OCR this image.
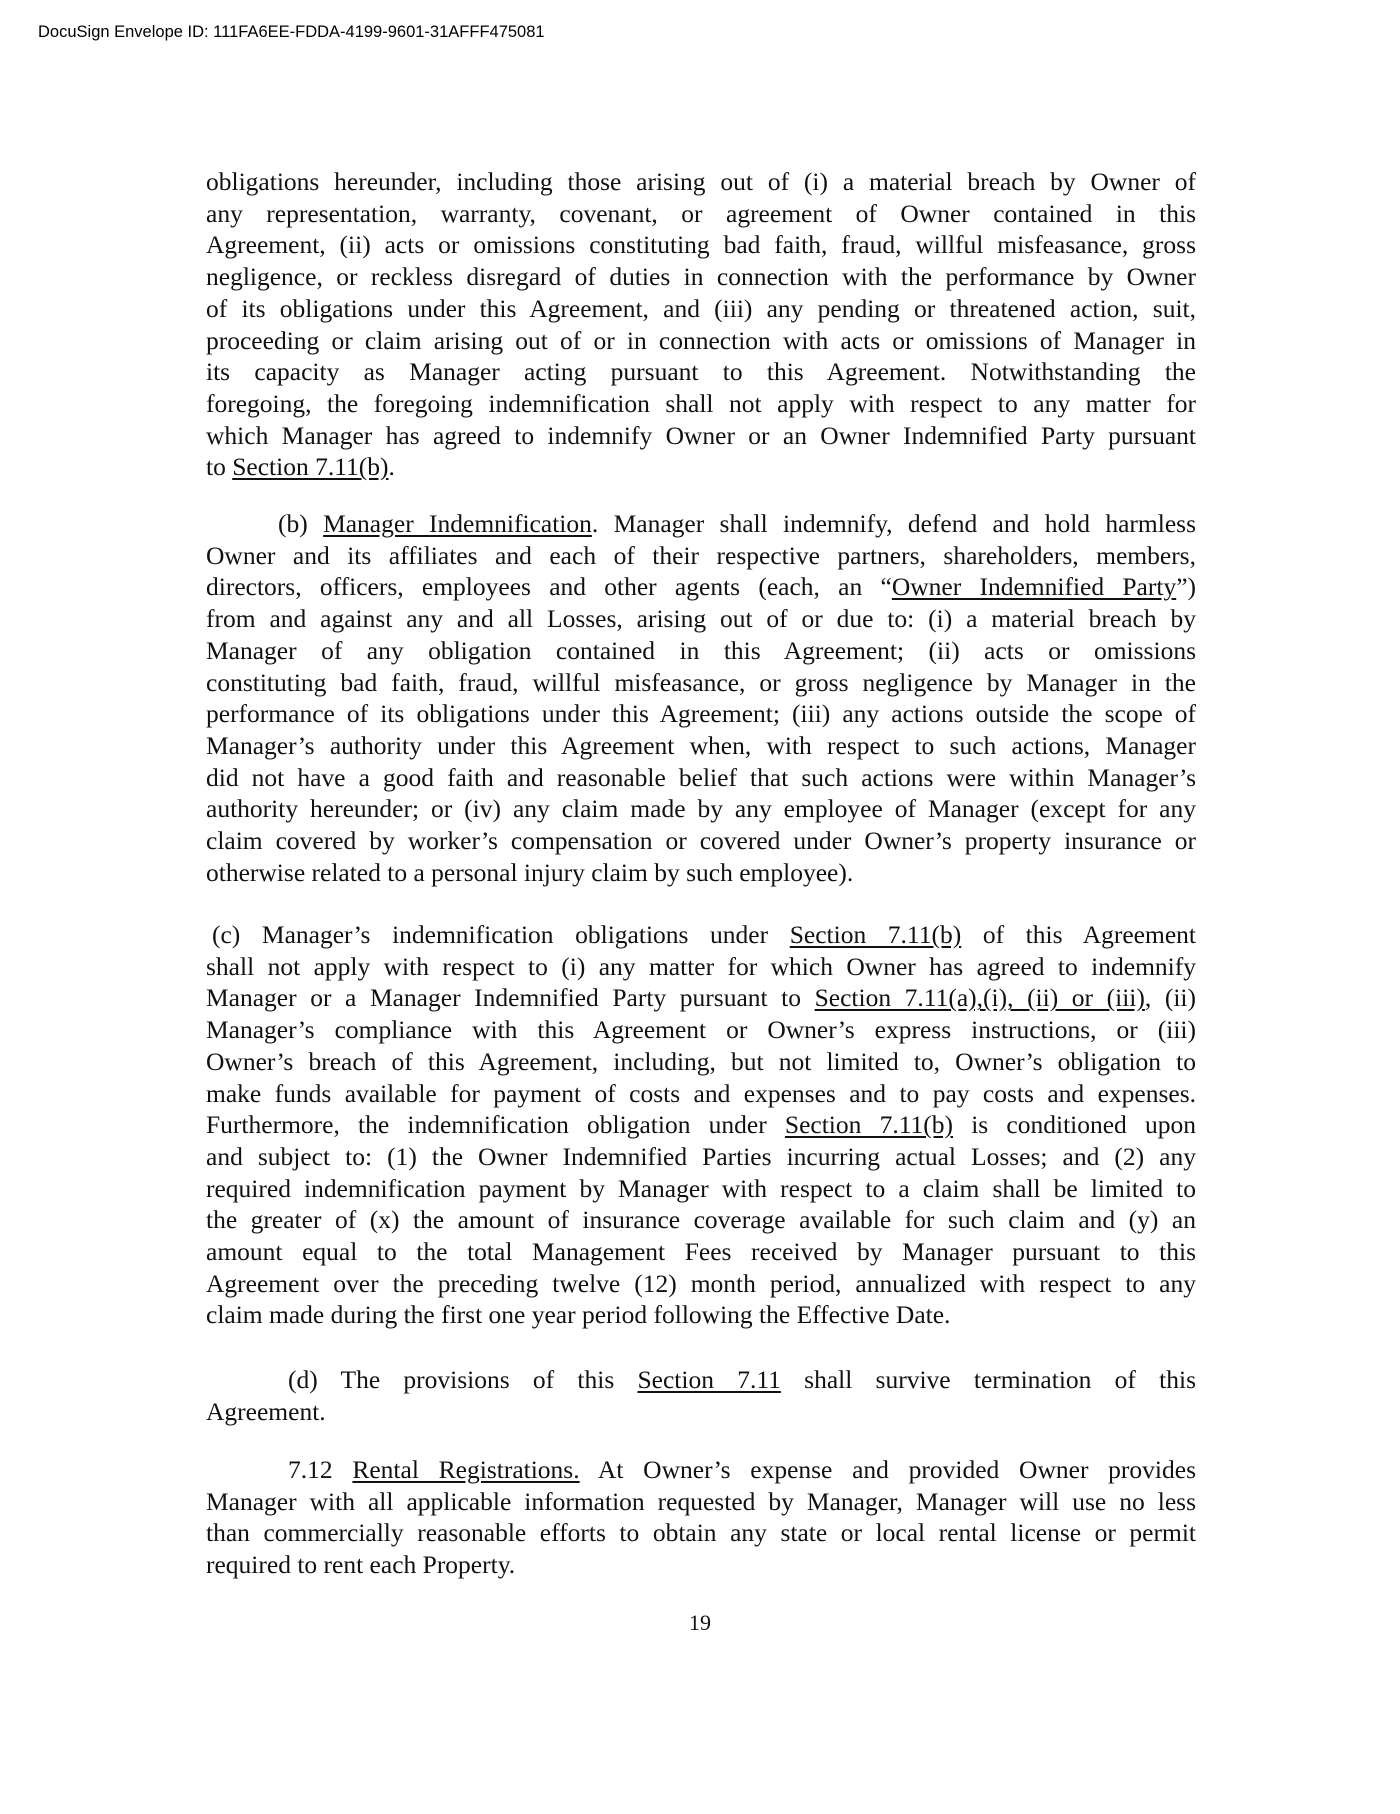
DocuSign Envelope ID: 111FA6EE-FDDA-4199-9601-31AFFF475081
obligations hereunder, including those arising out of (i) a material breach by Owner of
any representation, warranty, covenant, or agreement of Owner contained in this
Agreement, (ii) acts or omissions constituting bad faith, fraud, willful misfeasance, gross
negligence, or reckless disregard of duties in connection with the performance by Owner
of its obligations under this Agreement, and (iii) any pending or threatened action, suit,
proceeding or claim arising out of or in connection with acts or omissions of Manager in
its capacity as Manager acting pursuant to this Agreement. Notwithstanding the
foregoing, the foregoing indemnification shall not apply with respect to any matter for
which Manager has agreed to indemnify Owner or an Owner Indemnified Party pursuant
to Section 7.11(b).
(b) Manager Indemnification. Manager shall indemnify, defend and hold harmless
Owner and its affiliates and each of their respective partners, shareholders, members,
directors, officers, employees and other agents (each, an “Owner Indemnified Party”)
from and against any and all Losses, arising out of or due to: (i) a material breach by
Manager of any obligation contained in this Agreement; (ii) acts or omissions
constituting bad faith, fraud, willful misfeasance, or gross negligence by Manager in the
performance of its obligations under this Agreement; (iii) any actions outside the scope of
Manager’s authority under this Agreement when, with respect to such actions, Manager
did not have a good faith and reasonable belief that such actions were within Manager’s
authority hereunder; or (iv) any claim made by any employee of Manager (except for any
claim covered by worker’s compensation or covered under Owner’s property insurance or
otherwise related to a personal injury claim by such employee).
(c) Manager’s indemnification obligations under Section 7.11(b) of this Agreement
shall not apply with respect to (i) any matter for which Owner has agreed to indemnify
Manager or a Manager Indemnified Party pursuant to Section 7.11(a),(i), (ii) or (iii), (ii)
Manager’s compliance with this Agreement or Owner’s express instructions, or (iii)
Owner’s breach of this Agreement, including, but not limited to, Owner’s obligation to
make funds available for payment of costs and expenses and to pay costs and expenses.
Furthermore, the indemnification obligation under Section 7.11(b) is conditioned upon
and subject to: (1) the Owner Indemnified Parties incurring actual Losses; and (2) any
required indemnification payment by Manager with respect to a claim shall be limited to
the greater of (x) the amount of insurance coverage available for such claim and (y) an
amount equal to the total Management Fees received by Manager pursuant to this
Agreement over the preceding twelve (12) month period, annualized with respect to any
claim made during the first one year period following the Effective Date.
(d) The provisions of this Section 7.11 shall survive termination of this
Agreement.
7.12 Rental Registrations. At Owner’s expense and provided Owner provides
Manager with all applicable information requested by Manager, Manager will use no less
than commercially reasonable efforts to obtain any state or local rental license or permit
required to rent each Property.
19
